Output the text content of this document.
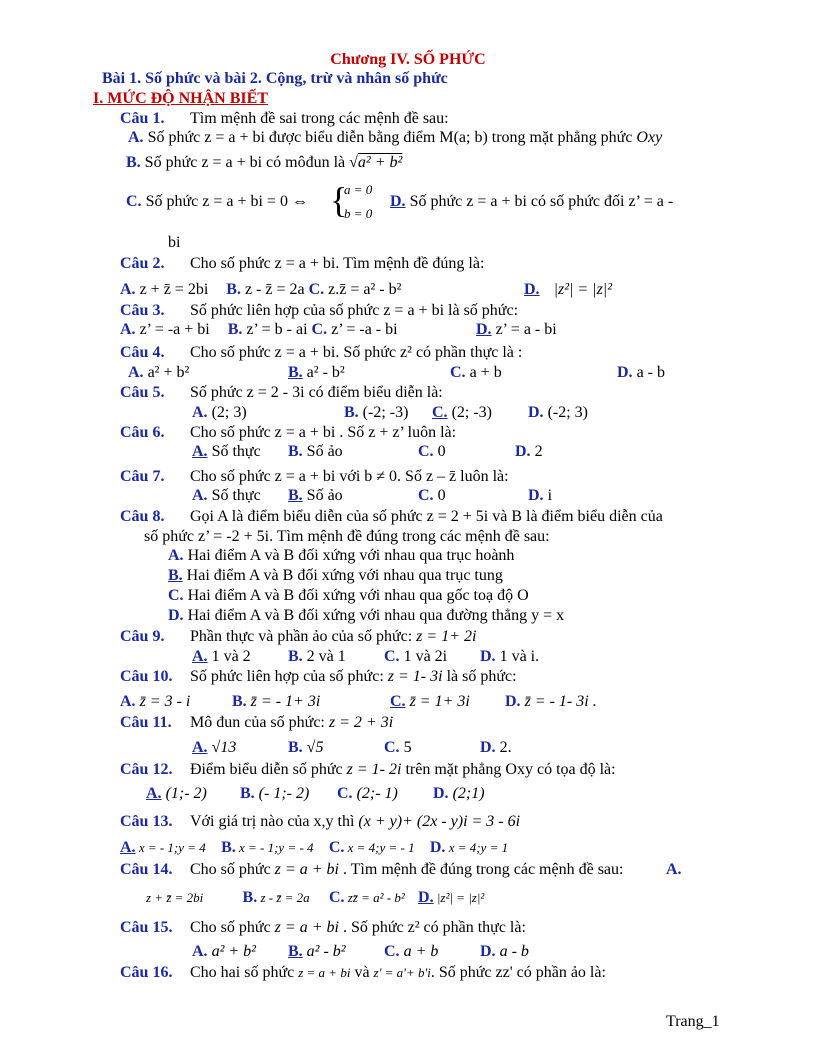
Chương IV. SỐ PHỨC
Bài 1. Số phức và bài 2. Cộng, trừ và nhân số phức
I. MỨC ĐỘ NHẬN BIẾT
Câu 1. Tìm mệnh đề sai trong các mệnh đề sau:
A. Số phức z = a + bi được biểu diễn bằng điểm M(a; b) trong mặt phẳng phức Oxy
B. Số phức z = a + bi có môđun là √a² + b²
C. Số phức z = a + bi = 0 ⇔ {
a = 0
b = 0
D. Số phức z = a + bi có số phức đối z’ = a -
bi
Câu 2. Cho số phức z = a + bi. Tìm mệnh đề đúng là:
A. z + z̄ = 2bi B. z - z̄ = 2a C. z.z̄ = a² - b²	D. |z²| = |z|²
Câu 3. Số phức liên hợp của số phức z = a + bi là số phức:
A. z’ = -a + bi B. z’ = b - ai C. z’ = -a - bi	D. z’ = a - bi
Câu 4. Cho số phức z = a + bi. Số phức z² có phần thực là :
A. a² + b²	B. a² - b²	C. a + b	D. a - b
Câu 5. Số phức z = 2 - 3i có điểm biểu diễn là:
A. (2; 3)	B. (-2; -3) C. (2; -3) D. (-2; 3)
Câu 6. Cho số phức z = a + bi . Số z + z’ luôn là:
A. Số thực B. Số ảo	C. 0	D. 2
Câu 7. Cho số phức z = a + bi với b ≠ 0. Số z – z̄ luôn là:
A. Số thực B. Số ảo	C. 0	D. i
Câu 8. Gọi A là điểm biểu diễn của số phức z = 2 + 5i và B là điểm biểu diễn của
số phức z’ = -2 + 5i. Tìm mệnh đề đúng trong các mệnh đề sau:
A. Hai điểm A và B đối xứng với nhau qua trục hoành
B. Hai điểm A và B đối xứng với nhau qua trục tung
C. Hai điểm A và B đối xứng với nhau qua gốc toạ độ O
D. Hai điểm A và B đối xứng với nhau qua đường thẳng y = x
Câu 9. Phần thực và phần ảo của số phức: z = 1+ 2i
A. 1 và 2 B. 2 và 1 C. 1 và 2i D. 1 và i.
Câu 10. Số phức liên hợp của số phức: z = 1- 3i là số phức:
A. z̄ = 3 - i	B. z̄ = - 1+ 3i	C. z̄ = 1+ 3i D. z̄ = - 1- 3i .
Câu 11. Mô đun của số phức: z = 2 + 3i
A. √13	B. √5	C. 5	D. 2.
Câu 12. Điểm biểu diễn số phức z = 1- 2i trên mặt phẳng Oxy có tọa độ là:
A. (1;- 2) B. (- 1;- 2) C. (2;- 1) D. (2;1)
Câu 13. Với giá trị nào của x,y thì (x + y)+ (2x - y)i = 3 - 6i
A. x = - 1;y = 4 B. x = - 1;y = - 4 C. x = 4;y = - 1 D. x = 4;y = 1
Câu 14. Cho số phức z = a + bi . Tìm mệnh đề đúng trong các mệnh đề sau:	A.
z + z̄ = 2bi B. z - z̄ = 2a C. zz̄ = a² - b² D. |z²| = |z|²
Câu 15. Cho số phức z = a + bi . Số phức z² có phần thực là:
A. a² + b² B. a² - b² C. a + b	D. a - b
Câu 16. Cho hai số phức z = a + bi và z' = a'+ b'i. Số phức zz' có phần ảo là:
Trang_1
